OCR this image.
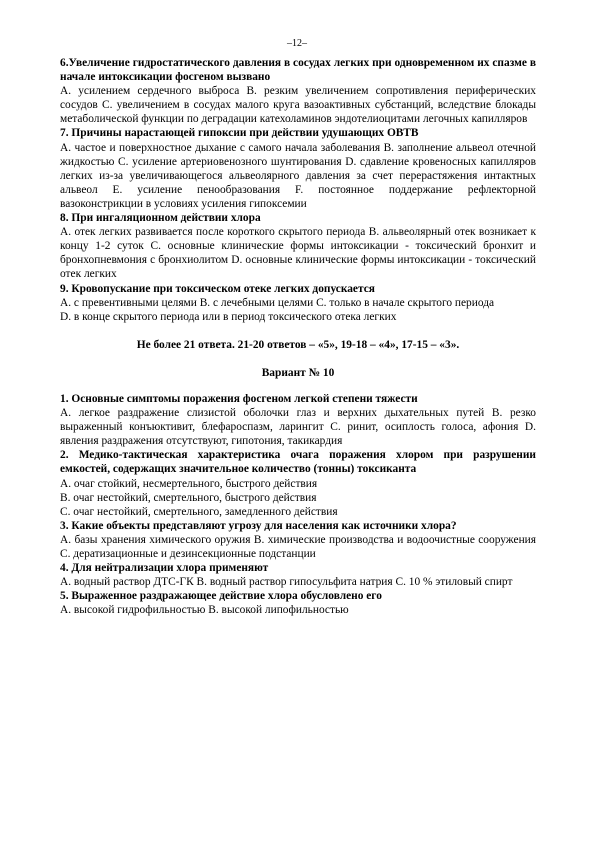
–12–
6.Увеличение гидростатического давления в сосудах легких при одновременном их спазме в начале интоксикации фосгеном вызвано
A. усилением сердечного выброса B. резким увеличением сопротивления периферических сосудов C. увеличением в сосудах малого круга вазоактивных субстанций, вследствие блокады метаболической функции по деградации катехоламинов эндотелиоцитами легочных капилляров
7. Причины нарастающей гипоксии при действии удушающих ОВТВ
A. частое и поверхностное дыхание с самого начала заболевания B. заполнение альвеол отечной жидкостью C. усиление артериовенозного шунтирования D. сдавление кровеносных капилляров легких из-за увеличивающегося альвеолярного давления за счет перерастяжения интактных альвеол E. усиление пенообразования F. постоянное поддержание рефлекторной вазоконстрикции в условиях усиления гипоксемии
8. При ингаляционном действии хлора
A. отек легких развивается после короткого скрытого периода B. альвеолярный отек возникает к концу 1-2 суток C. основные клинические формы интоксикации - токсический бронхит и бронхопневмония с бронхиолитом D. основные клинические формы интоксикации - токсический отек легких
9. Кровопускание при токсическом отеке легких допускается
A. с превентивными целями B. с лечебными целями C. только в начале скрытого периода
D. в конце скрытого периода или в период токсического отека легких
Не более 21 ответа. 21-20 ответов – «5», 19-18 – «4», 17-15 – «3».
Вариант № 10
1. Основные симптомы поражения фосгеном легкой степени тяжести
A. легкое раздражение слизистой оболочки глаз и верхних дыхательных путей B. резко выраженный конъюктивит, блефароспазм, ларингит C. ринит, осиплость голоса, афония D. явления раздражения отсутствуют, гипотония, такикардия
2. Медико-тактическая характеристика очага поражения хлором при разрушении емкостей, содержащих значительное количество (тонны) токсиканта
A. очаг стойкий, несмертельного, быстрого действия
B. очаг нестойкий, смертельного, быстрого действия
C. очаг нестойкий, смертельного, замедленного действия
3. Какие объекты представляют угрозу для населения как источники хлора?
A. базы хранения химического оружия B. химические производства и водоочистные сооружения C. дератизационные и дезинсекционные подстанции
4. Для нейтрализации хлора применяют
A. водный раствор ДТС-ГК B. водный раствор гипосульфита натрия C. 10 % этиловый спирт
5. Выраженное раздражающее действие хлора обусловлено его
A. высокой гидрофильностью B. высокой липофильностью
